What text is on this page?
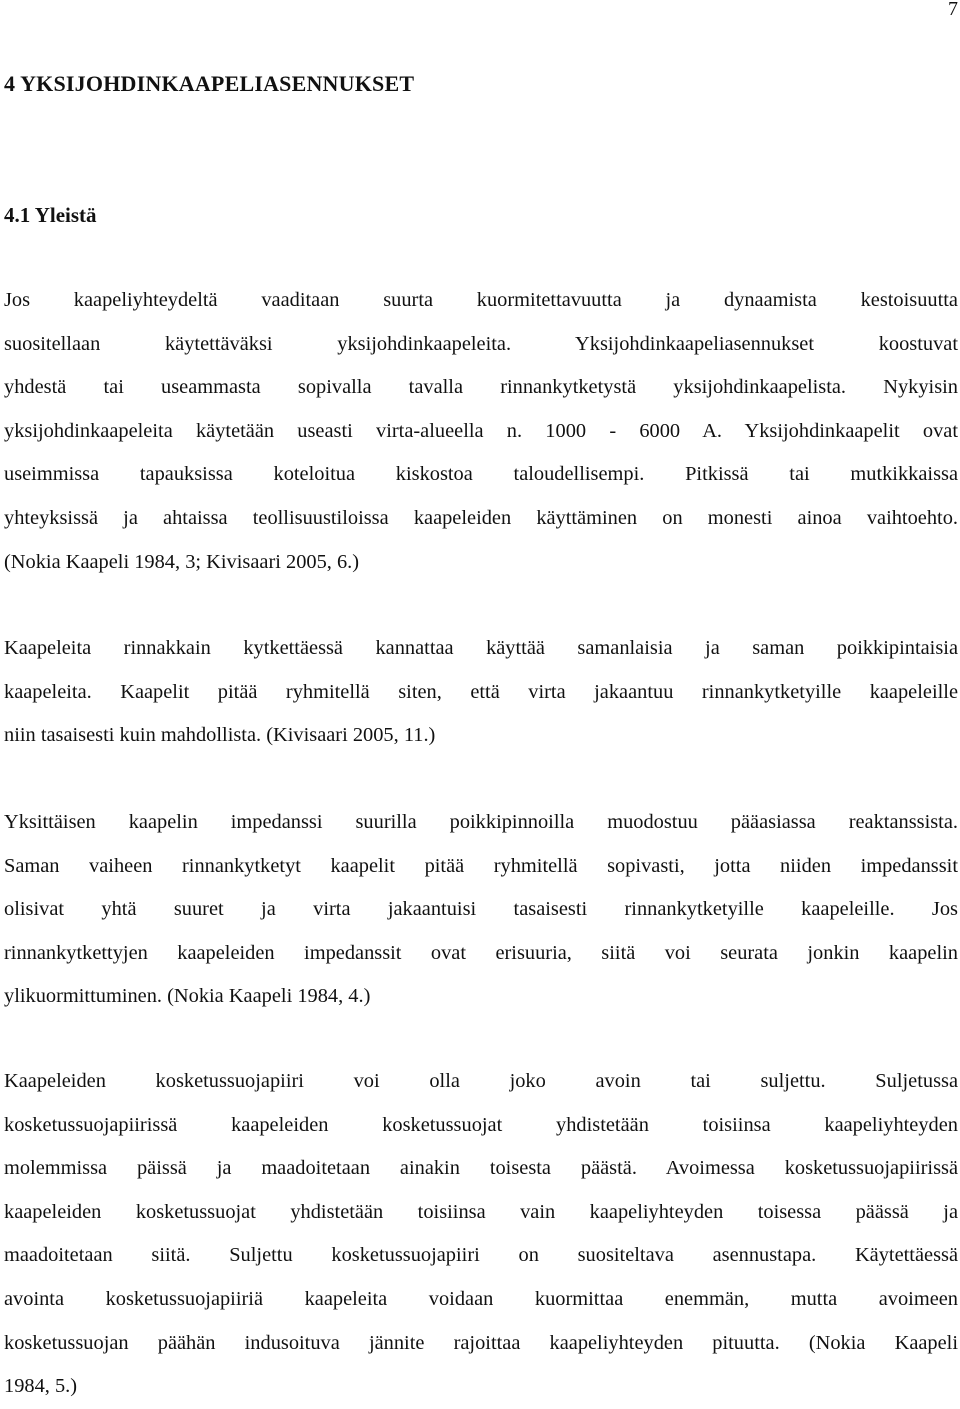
7
4 YKSIJOHDINKAAPELIASENNUKSET
4.1 Yleistä

Jos kaapeliyhteydeltä vaaditaan suurta kuormitettavuutta ja dynaamista kestoisuutta
suositellaan käytettäväksi yksijohdinkaapeleita. Yksijohdinkaapeliasennukset koostuvat
yhdestä tai useammasta sopivalla tavalla rinnankytketystä yksijohdinkaapelista. Nykyisin
yksijohdinkaapeleita käytetään useasti virta-alueella n. 1000 - 6000 A. Yksijohdinkaapelit ovat
useimmissa tapauksissa koteloitua kiskostoa taloudellisempi. Pitkissä tai mutkikkaissa
yhteyksissä ja ahtaissa teollisuustiloissa kaapeleiden käyttäminen on monesti ainoa vaihtoehto.
(Nokia Kaapeli 1984, 3; Kivisaari 2005, 6.)

Kaapeleita rinnakkain kytkettäessä kannattaa käyttää samanlaisia ja saman poikkipintaisia
kaapeleita. Kaapelit pitää ryhmitellä siten, että virta jakaantuu rinnankytketyille kaapeleille
niin tasaisesti kuin mahdollista. (Kivisaari 2005, 11.)

Yksittäisen kaapelin impedanssi suurilla poikkipinnoilla muodostuu pääasiassa reaktanssista.
Saman vaiheen rinnankytketyt kaapelit pitää ryhmitellä sopivasti, jotta niiden impedanssit
olisivat yhtä suuret ja virta jakaantuisi tasaisesti rinnankytketyille kaapeleille. Jos
rinnankytkettyjen kaapeleiden impedanssit ovat erisuuria, siitä voi seurata jonkin kaapelin
ylikuormittuminen. (Nokia Kaapeli 1984, 4.)

Kaapeleiden kosketussuojapiiri voi olla joko avoin tai suljettu. Suljetussa
kosketussuojapiirissä kaapeleiden kosketussuojat yhdistetään toisiinsa kaapeliyhteyden
molemmissa päissä ja maadoitetaan ainakin toisesta päästä. Avoimessa kosketussuojapiirissä
kaapeleiden kosketussuojat yhdistetään toisiinsa vain kaapeliyhteyden toisessa päässä ja
maadoitetaan siitä. Suljettu kosketussuojapiiri on suositeltava asennustapa. Käytettäessä
avointa kosketussuojapiiriä kaapeleita voidaan kuormittaa enemmän, mutta avoimeen
kosketussuojan päähän indusoituva jännite rajoittaa kaapeliyhteyden pituutta. (Nokia Kaapeli
1984, 5.)
